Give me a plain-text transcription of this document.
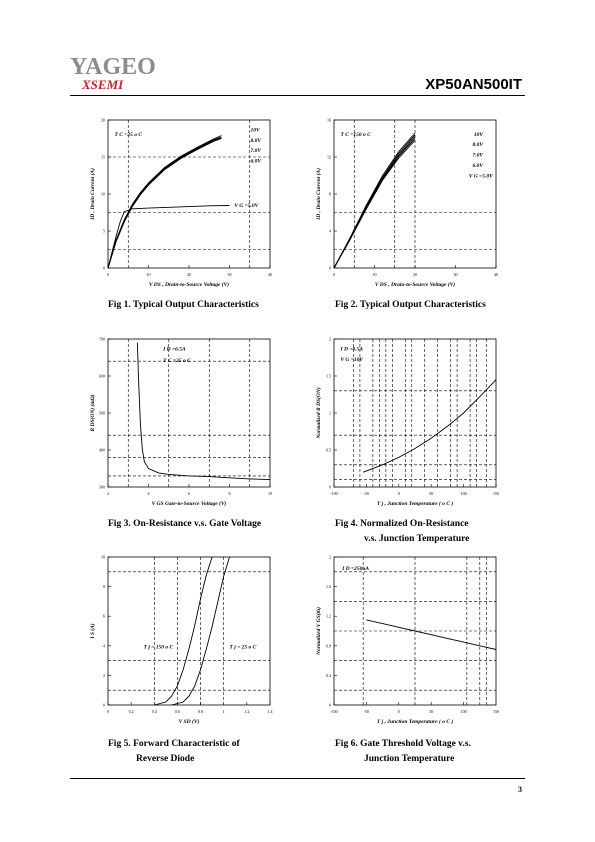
YAGEO
XSEMI	XP50AN500IT
0	10	20	30	40
0
5
10
15
20
V DS , Drain-to-Source Voltage (V)
ID , Drain Current (A)
T C =25 o C
10V
8.0V
7.0V
6.0V
V G =5.0V
Fig 1. Typical Output Characteristics
0	10	20	30	40
0
4
8
12
16
V DS , Drain-to-Source Voltage (V)
ID , Drain Current (A)
T C =150 o C	10V
8.0V
7.0V
6.0V
V G =5.0V
Fig 2. Typical Output Characteristics
2	4	6	8	10
300
400
500
600
700
V GS Gate-to-Source Voltage (V)
R DS(ON) (mΩ)
I D =6.5A
T C =25 o C
Fig 3. On-Resistance v.s. Gate Voltage
-100	-50	0	50	100	150
0
0.5
1
1.5
2
T j , Junction Temperature ( o C )
Normalized R DS(ON)
I D =0.5A
V G =10V
Fig 4. Normalized On-Resistance
v.s. Junction Temperature
0	0.2	0.4	0.6	0.8	1	1.2	1.4
0
2
4
6
8
10
V SD (V)
I S (A)
T j = 150 o C	T j = 25 o C
Fig 5. Forward Characteristic of
Reverse Diode
-100	-50	0	50	100	150
0
0.4
0.8
1.2
1.6
2
T j , Junction Temperature ( o C )
Normalized V GS(th)
I D =250uA
Fig 6. Gate Threshold Voltage v.s.
Junction Temperature
3
